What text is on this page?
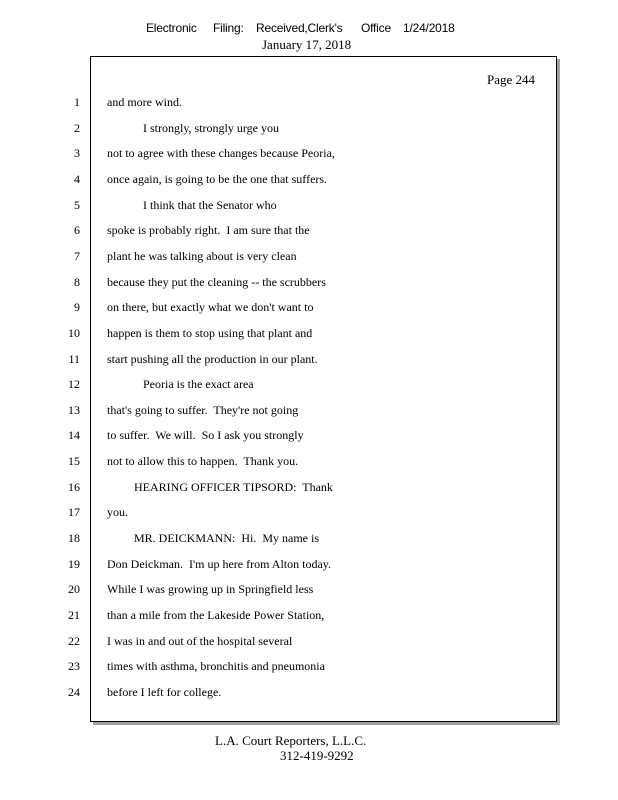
Electronic

Filing:

Received,Clerk's

Office

1/24/2018

January 17, 2018
Page 244
1 and more wind.
2 I strongly, strongly urge you
3 not to agree with these changes because Peoria,
4 once again, is going to be the one that suffers.
5 I think that the Senator who
6 spoke is probably right.  I am sure that the
7 plant he was talking about is very clean
8 because they put the cleaning -- the scrubbers
9 on there, but exactly what we don't want to
10 happen is them to stop using that plant and
11 start pushing all the production in our plant.
12 Peoria is the exact area
13 that's going to suffer.  They're not going
14 to suffer.  We will.  So I ask you strongly
15 not to allow this to happen.  Thank you.
16 HEARING OFFICER TIPSORD:  Thank
17 you.
18 MR. DEICKMANN:  Hi.  My name is
19 Don Deickman.  I'm up here from Alton today.
20 While I was growing up in Springfield less
21 than a mile from the Lakeside Power Station,
22 I was in and out of the hospital several
23 times with asthma, bronchitis and pneumonia
24 before I left for college.
L.A. Court Reporters, L.L.C.
312-419-9292
